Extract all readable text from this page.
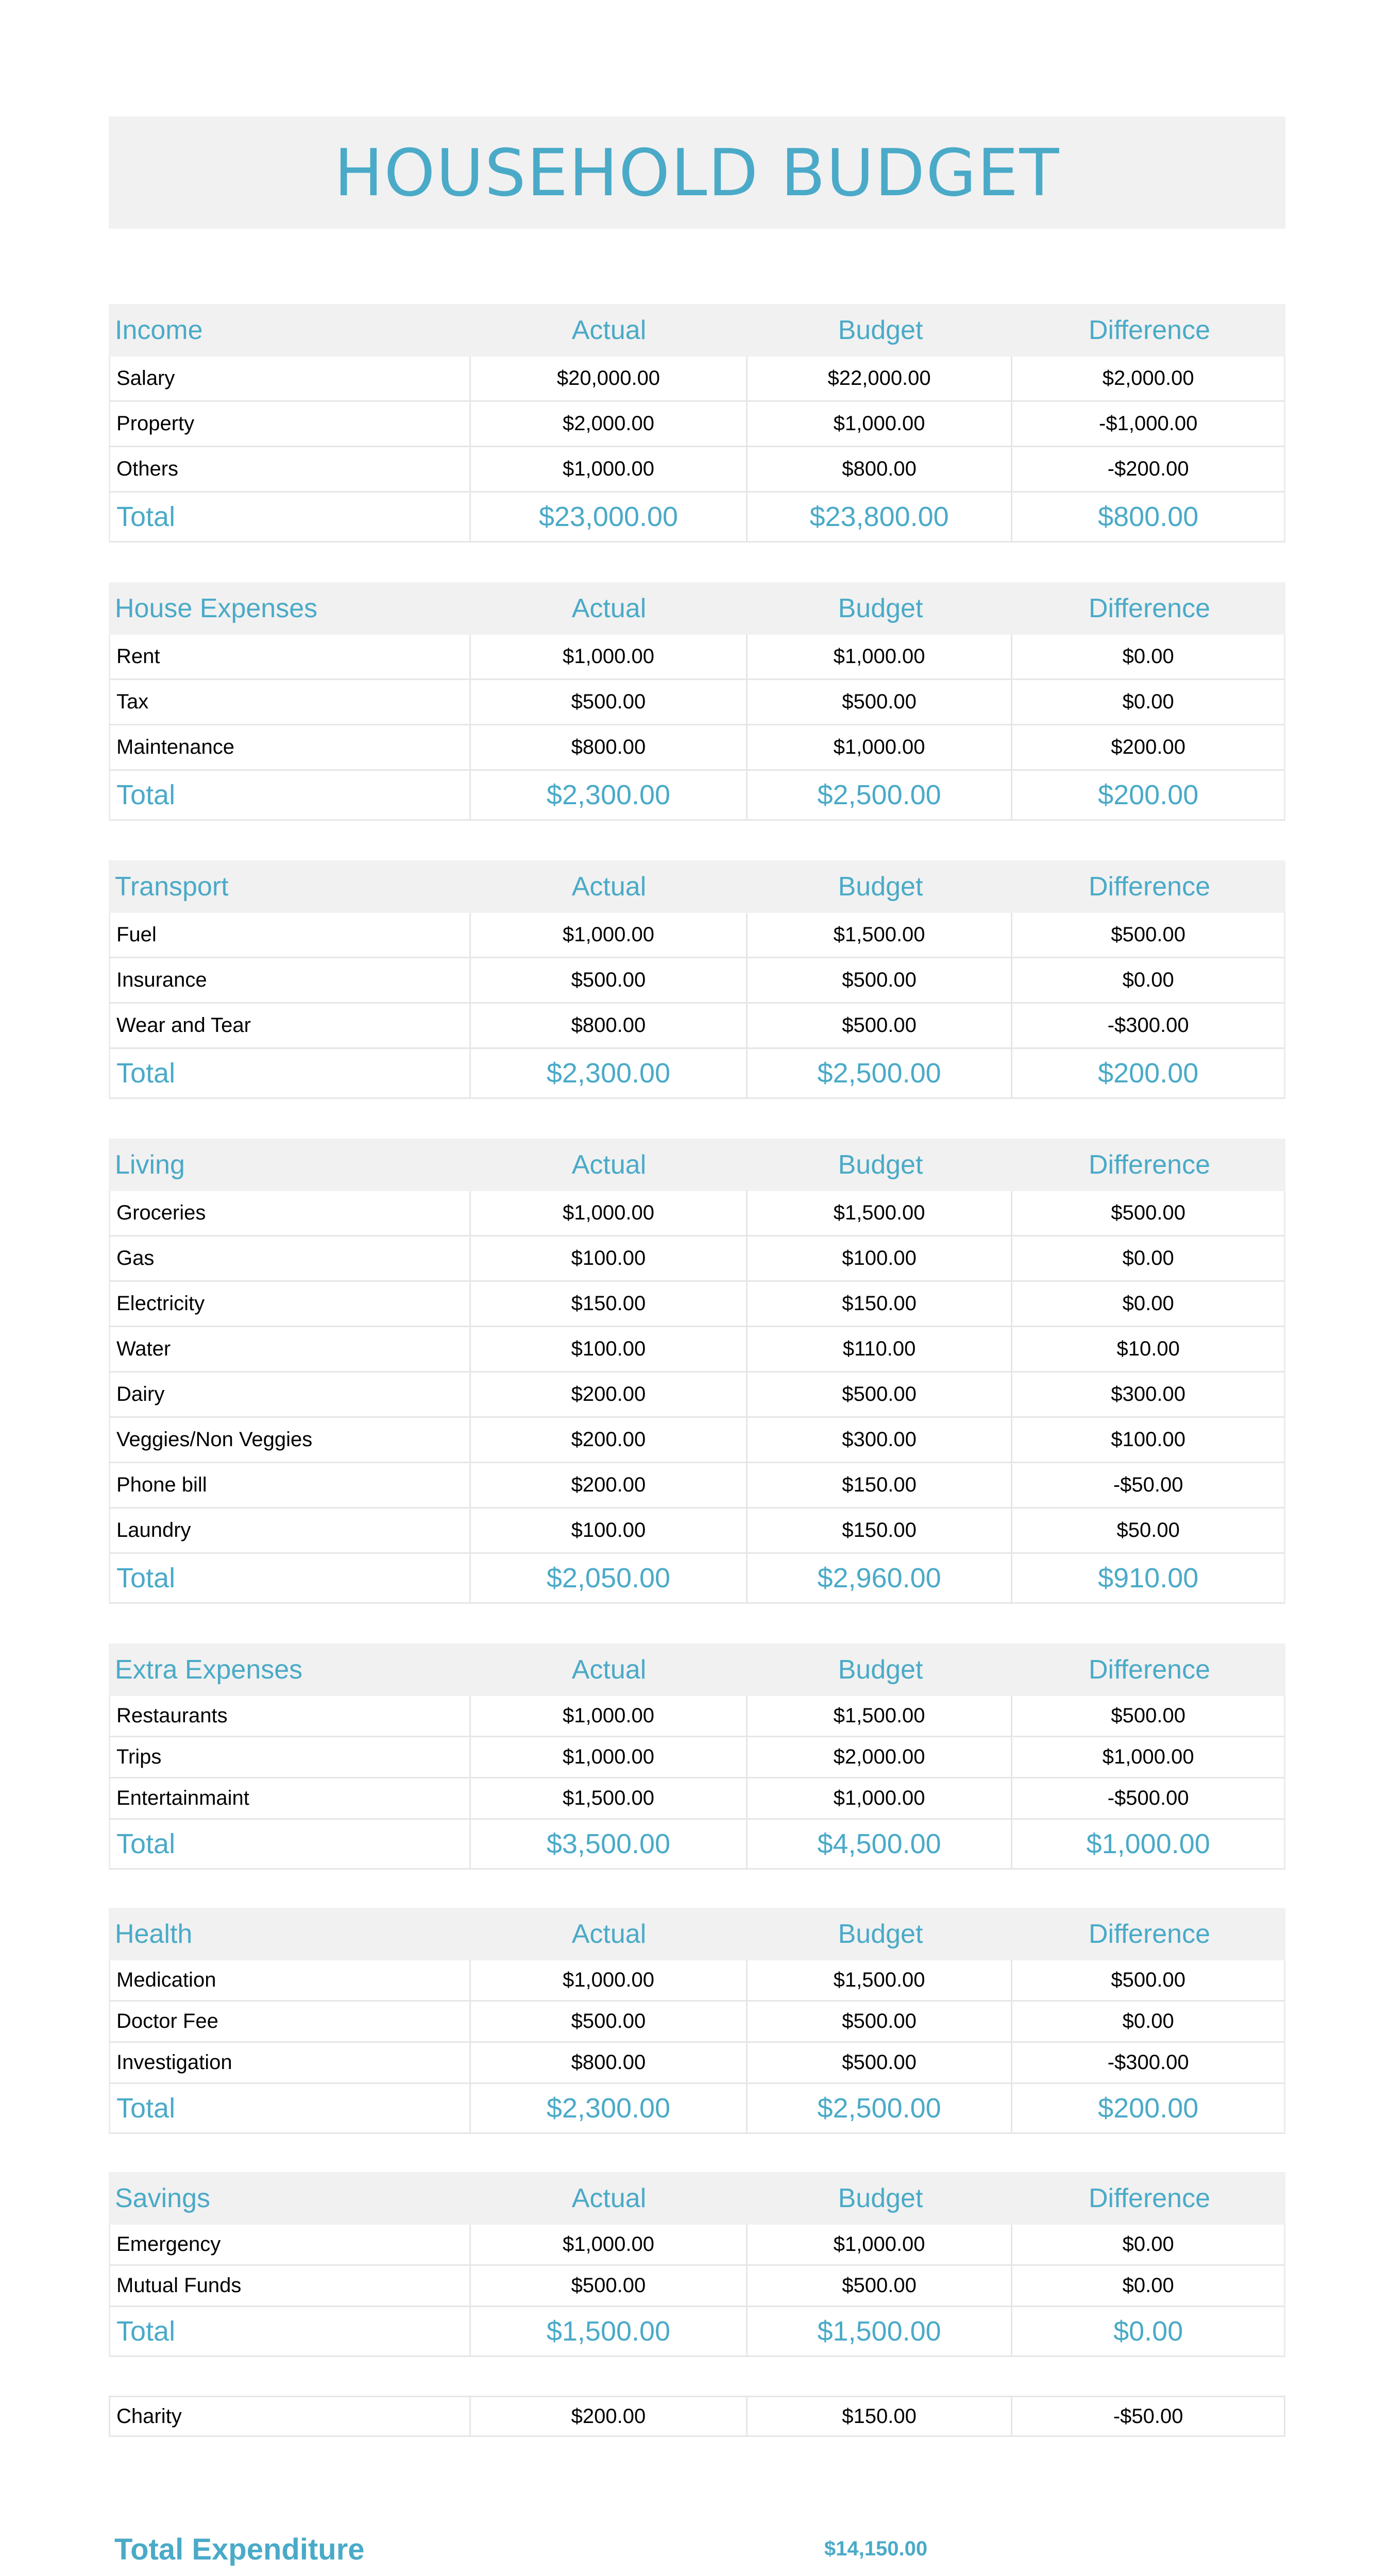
HOUSEHOLD BUDGET
Income	Actual	Budget	Difference
Salary	$20,000.00	$22,000.00	$2,000.00
Property	$2,000.00	$1,000.00	-$1,000.00
Others	$1,000.00	$800.00	-$200.00
Total	$23,000.00	$23,800.00	$800.00
House Expenses	Actual	Budget	Difference
Rent	$1,000.00	$1,000.00	$0.00
Tax	$500.00	$500.00	$0.00
Maintenance	$800.00	$1,000.00	$200.00
Total	$2,300.00	$2,500.00	$200.00
Transport	Actual	Budget	Difference
Fuel	$1,000.00	$1,500.00	$500.00
Insurance	$500.00	$500.00	$0.00
Wear and Tear	$800.00	$500.00	-$300.00
Total	$2,300.00	$2,500.00	$200.00
Living	Actual	Budget	Difference
Groceries	$1,000.00	$1,500.00	$500.00
Gas	$100.00	$100.00	$0.00
Electricity	$150.00	$150.00	$0.00
Water	$100.00	$110.00	$10.00
Dairy	$200.00	$500.00	$300.00
Veggies/Non Veggies	$200.00	$300.00	$100.00
Phone bill	$200.00	$150.00	-$50.00
Laundry	$100.00	$150.00	$50.00
Total	$2,050.00	$2,960.00	$910.00
Extra Expenses	Actual	Budget	Difference
Restaurants	$1,000.00	$1,500.00	$500.00
Trips	$1,000.00	$2,000.00	$1,000.00
Entertainmaint	$1,500.00	$1,000.00	-$500.00
Total	$3,500.00	$4,500.00	$1,000.00
Health	Actual	Budget	Difference
Medication	$1,000.00	$1,500.00	$500.00
Doctor Fee	$500.00	$500.00	$0.00
Investigation	$800.00	$500.00	-$300.00
Total	$2,300.00	$2,500.00	$200.00
Savings	Actual	Budget	Difference
Emergency	$1,000.00	$1,000.00	$0.00
Mutual Funds	$500.00	$500.00	$0.00
Total	$1,500.00	$1,500.00	$0.00
Charity	$200.00	$150.00	-$50.00
Total Expenditure	$14,150.00
